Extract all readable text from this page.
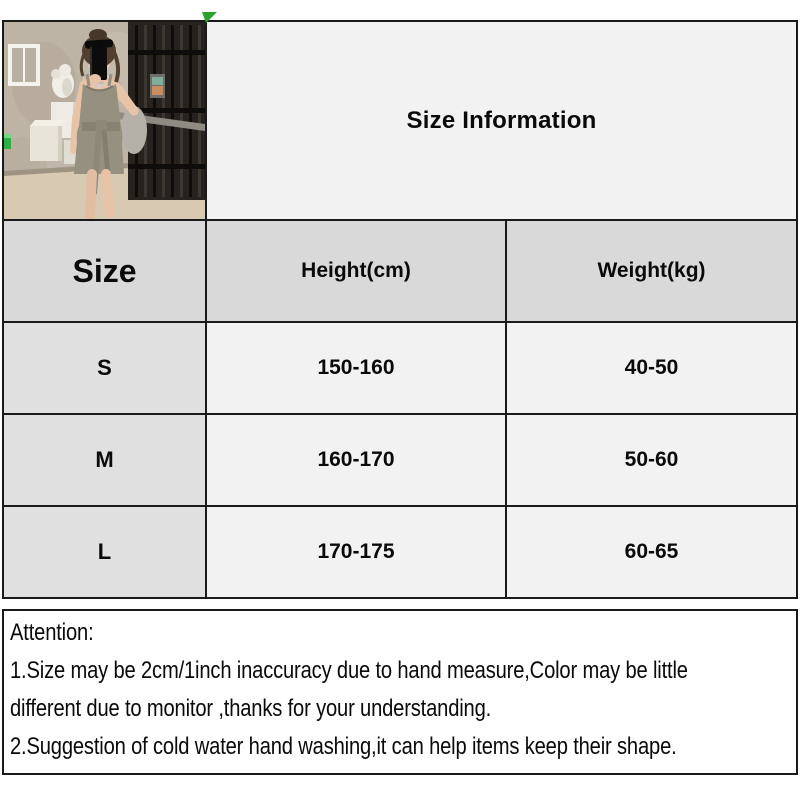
Size Information
Size	Height(cm)	Weight(kg)
S	150-160	40-50
M	160-170	50-60
L	170-175	60-65
Attention:
1.Size may be 2cm/1inch inaccuracy due to hand measure,Color may be little
different due to monitor ,thanks for your understanding.
2.Suggestion of cold water hand washing,it can help items keep their shape.
